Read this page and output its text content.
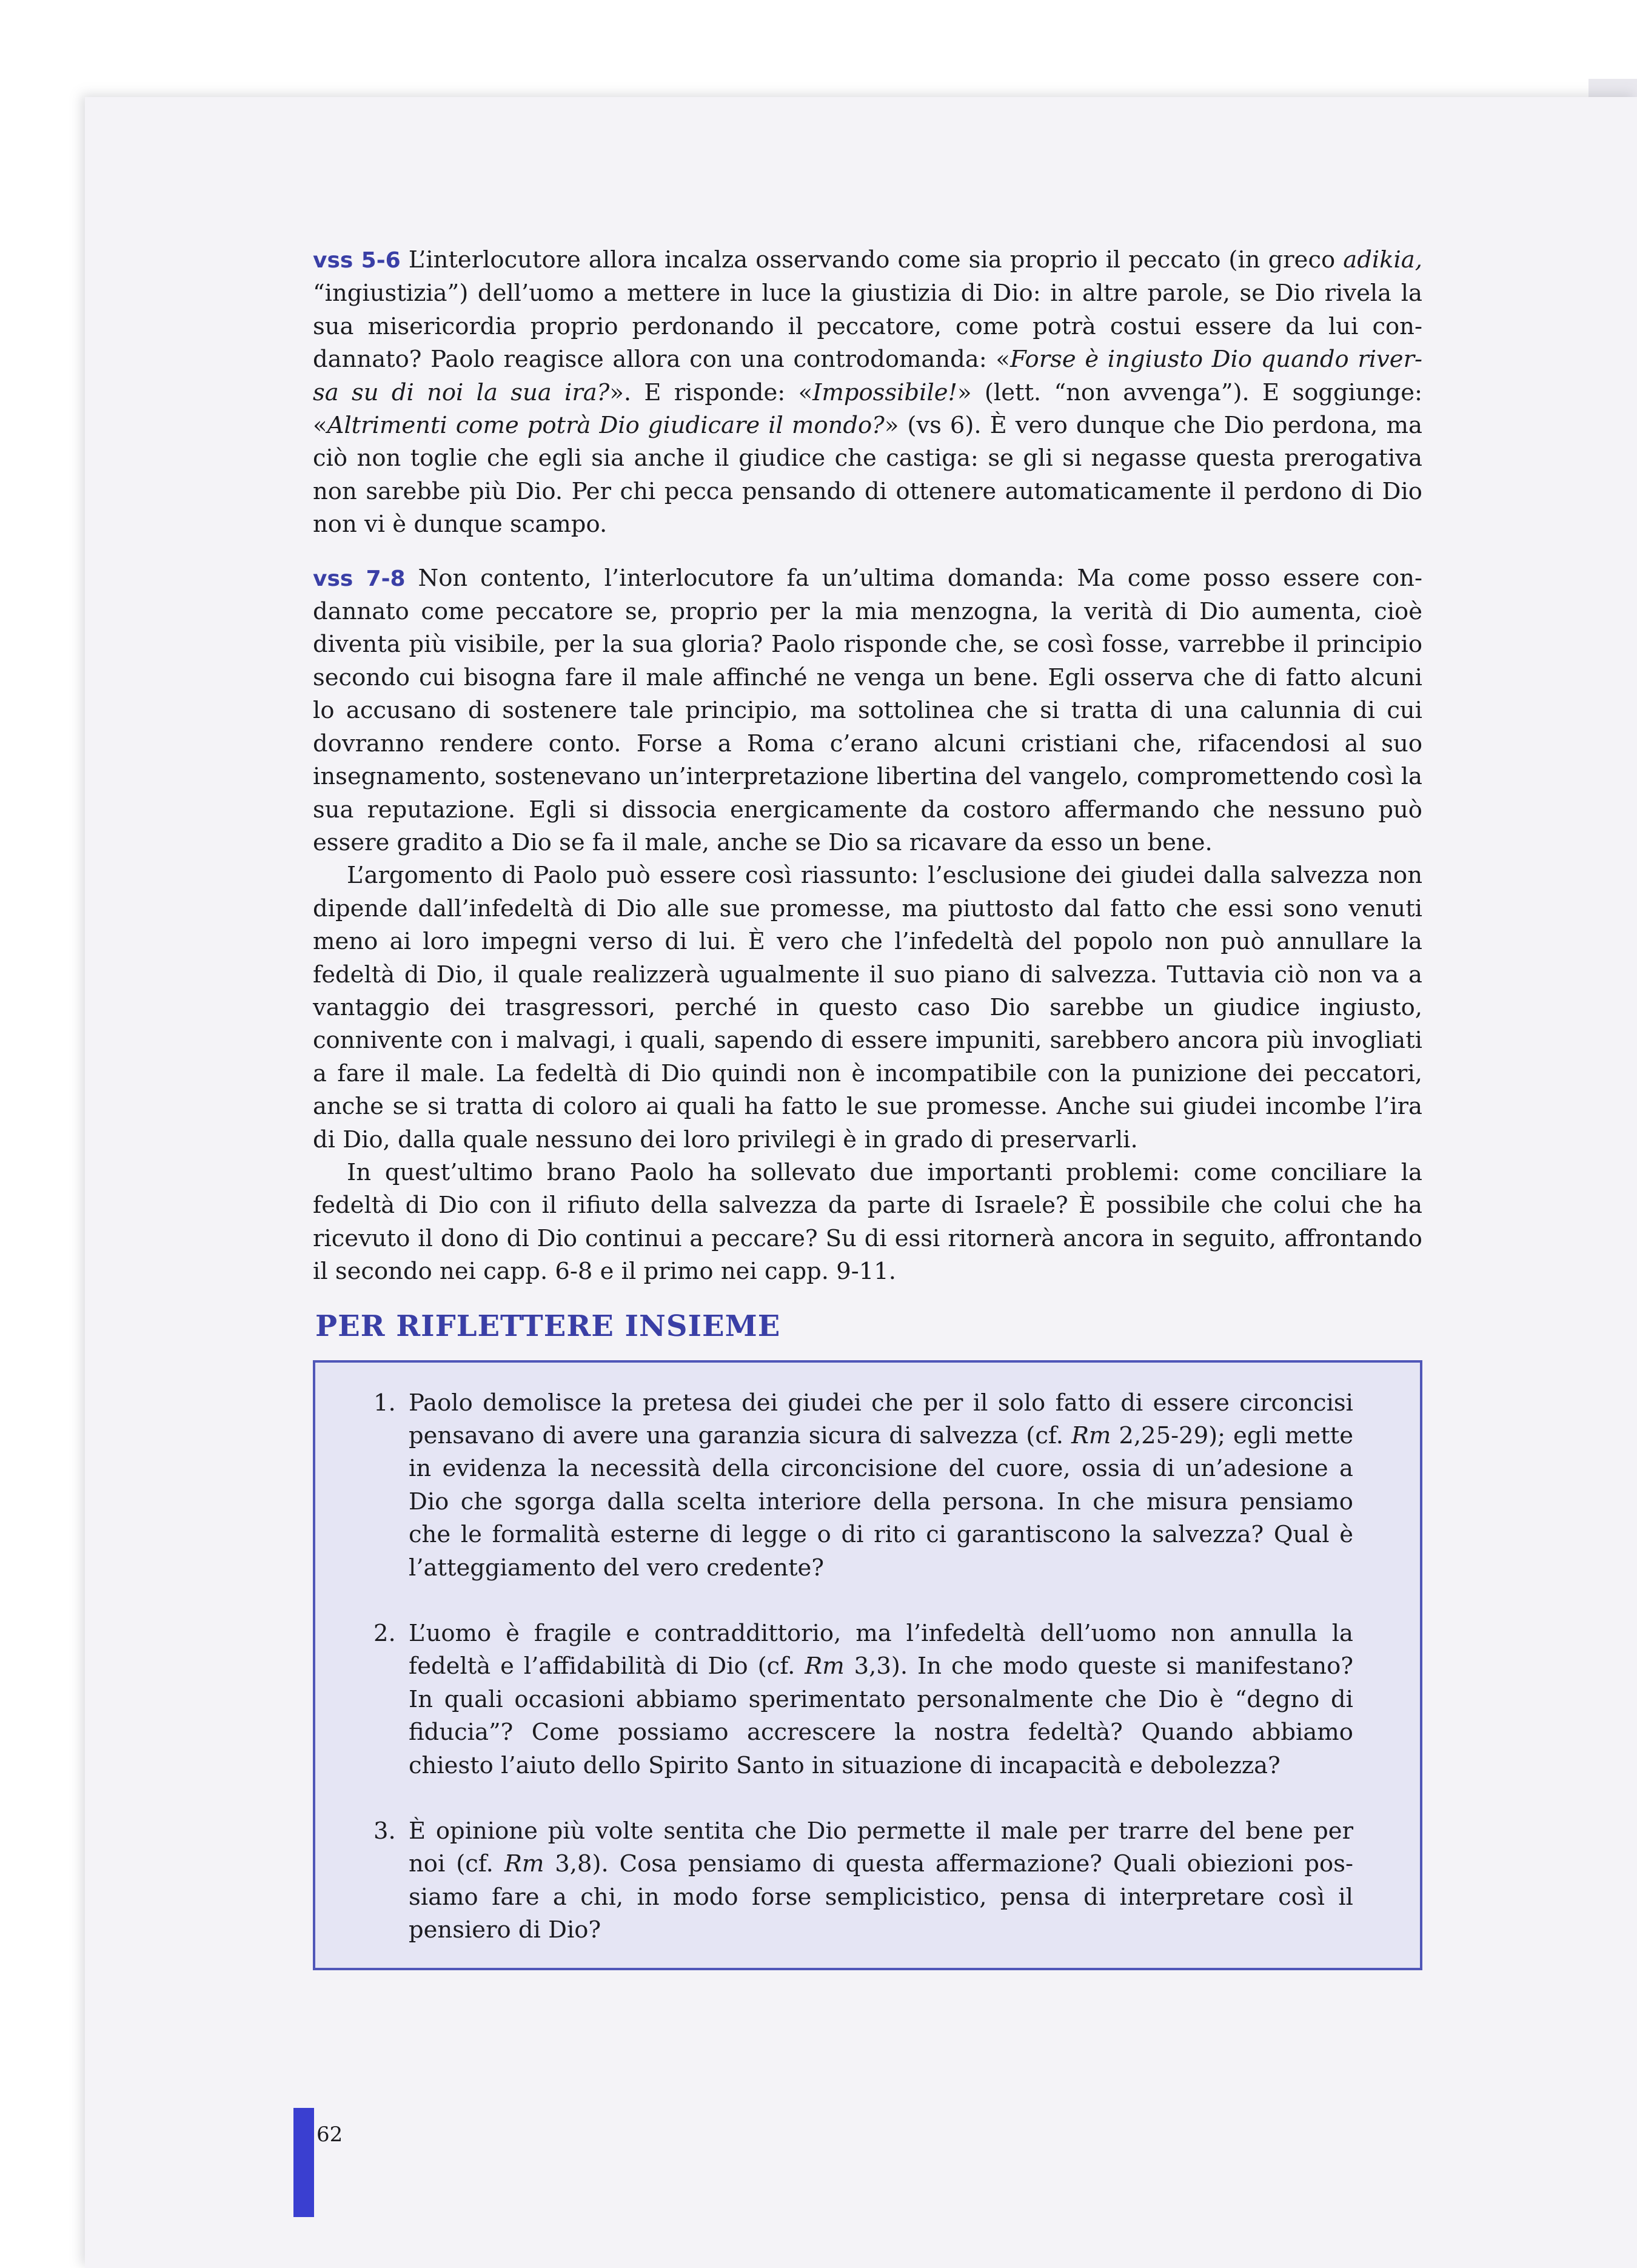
vss 5-6 L’interlocutore allora incalza osservando come sia proprio il peccato (in greco adikia, “ingiustizia”) dell’uomo a mettere in luce la giustizia di Dio: in altre parole, se Dio rivela la sua misericordia proprio perdonando il peccatore, come potrà costui essere da lui condannato? Paolo reagisce allora con una controdomanda: «Forse è ingiusto Dio quando riversa su di noi la sua ira?». E risponde: «Impossibile!» (lett. “non avvenga”). E soggiunge: «Altrimenti come potrà Dio giudicare il mondo?» (vs 6). È vero dunque che Dio perdona, ma ciò non toglie che egli sia anche il giudice che castiga: se gli si negasse questa prerogativa non sarebbe più Dio. Per chi pecca pensando di ottenere automaticamente il perdono di Dio non vi è dunque scampo.

vss 7-8 Non contento, l’interlocutore fa un’ultima domanda: Ma come posso essere condannato come peccatore se, proprio per la mia menzogna, la verità di Dio aumenta, cioè diventa più visibile, per la sua gloria? Paolo risponde che, se così fosse, varrebbe il principio secondo cui bisogna fare il male affinché ne venga un bene. Egli osserva che di fatto alcuni lo accusano di sostenere tale principio, ma sottolinea che si tratta di una calunnia di cui dovranno rendere conto. Forse a Roma c’erano alcuni cristiani che, rifacendosi al suo insegnamento, sostenevano un’interpretazione libertina del vangelo, compromettendo così la sua reputazione. Egli si dissocia energicamente da costoro affermando che nessuno può essere gradito a Dio se fa il male, anche se Dio sa ricavare da esso un bene.

L’argomento di Paolo può essere così riassunto: l’esclusione dei giudei dalla salvezza non dipende dall’infedeltà di Dio alle sue promesse, ma piuttosto dal fatto che essi sono venuti meno ai loro impegni verso di lui. È vero che l’infedeltà del popolo non può annullare la fedeltà di Dio, il quale realizzerà ugualmente il suo piano di salvezza. Tuttavia ciò non va a vantaggio dei trasgressori, perché in questo caso Dio sarebbe un giudice ingiusto, connivente con i malvagi, i quali, sapendo di essere impuniti, sarebbero ancora più invogliati a fare il male. La fedeltà di Dio quindi non è incompatibile con la punizione dei peccatori, anche se si tratta di coloro ai quali ha fatto le sue promesse. Anche sui giudei incombe l’ira di Dio, dalla quale nessuno dei loro privilegi è in grado di preservarli.

In quest’ultimo brano Paolo ha sollevato due importanti problemi: come conciliare la fedeltà di Dio con il rifiuto della salvezza da parte di Israele? È possibile che colui che ha ricevuto il dono di Dio continui a peccare? Su di essi ritornerà ancora in seguito, affrontando il secondo nei capp. 6-8 e il primo nei capp. 9-11.

PER RIFLETTERE INSIEME
1. Paolo demolisce la pretesa dei giudei che per il solo fatto di essere circoncisi pensavano di avere una garanzia sicura di salvezza (cf. Rm 2,25-29); egli mette in evidenza la necessità della circoncisione del cuore, ossia di un’adesione a Dio che sgorga dalla scelta interiore della persona. In che misura pensiamo che le formalità esterne di legge o di rito ci garantiscono la salvezza? Qual è l’atteggiamento del vero credente?

2. L’uomo è fragile e contraddittorio, ma l’infedeltà dell’uomo non annulla la fedeltà e l’affidabilità di Dio (cf. Rm 3,3). In che modo queste si manifestano? In quali occasioni abbiamo sperimentato personalmente che Dio è “degno di fiducia”? Come possiamo accrescere la nostra fedeltà? Quando abbiamo chiesto l’aiuto dello Spirito Santo in situazione di incapacità e debolezza?

3. È opinione più volte sentita che Dio permette il male per trarre del bene per noi (cf. Rm 3,8). Cosa pensiamo di questa affermazione? Quali obiezioni possiamo fare a chi, in modo forse semplicistico, pensa di interpretare così il pensiero di Dio?

62
